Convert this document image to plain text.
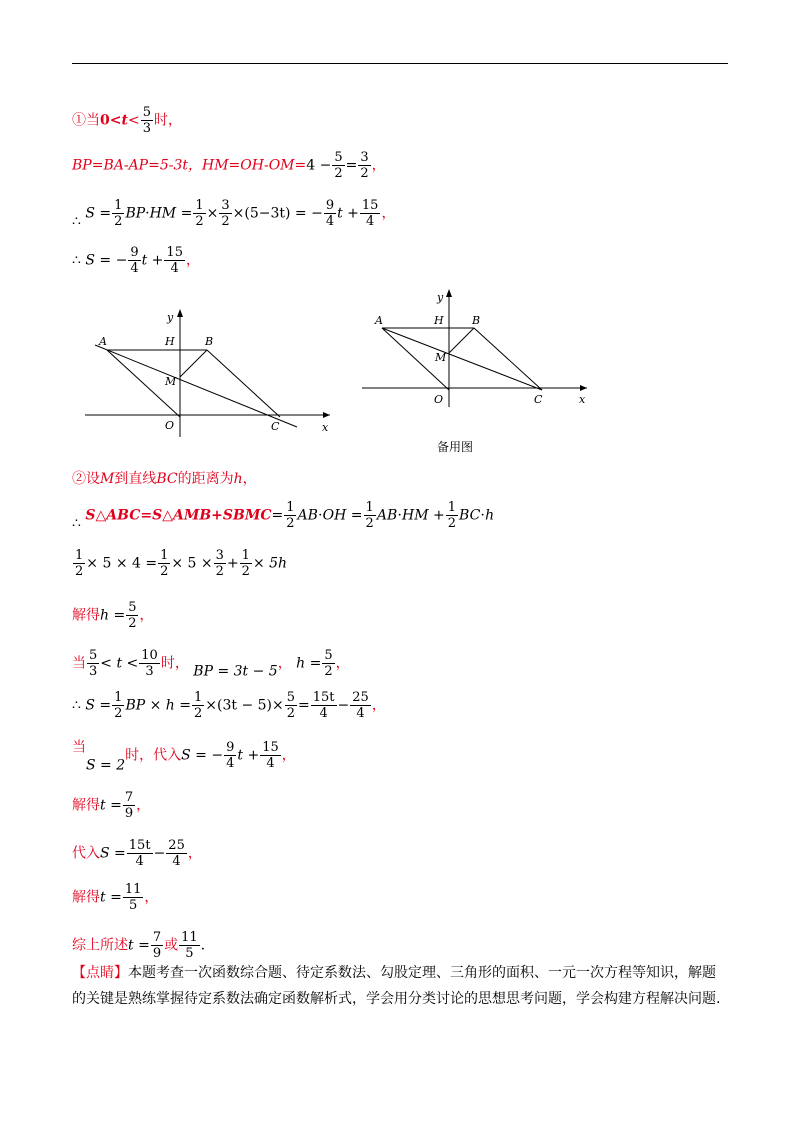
①当$0<t< \frac{5}{3}$ 时，
BP=BA-AP=5-3t，$HM=OH-OM=4 - \frac{5}{2} = \frac{3}{2}$ ，
∴ $S = \frac{1}{2} BP\cdot HM = \frac{1}{2} \times \frac{3}{2} \times(5-3t)$ = − $\frac{9}{4}$ $t + \frac{15}{4}$ ，
∴ S = − $\frac{9}{4}$ $t + \frac{15}{4}$ ，
A	H	B
M
O	C
y
x
A	H	B
M
O	C
y
x
备用图
②设M到直线BC的距离为h，
∴ S△ABC=S△AMB+SBMC= $\frac{1}{2} AB\cdot OH = \frac{1}{2} AB\cdot HM + \frac{1}{2} BC\cdot h$
$\frac{1}{2} \times 5 \times 4 = \frac{1}{2} \times 5 \times \frac{3}{2} + \frac{1}{2} \times 5h$
解得$h = \frac{5}{2}$ ，
当 $\frac{5}{3} < t < \frac{10}{3}$ 时， BP = 3t − 5， $h = \frac{5}{2}$ ，
∴ $S = \frac{1}{2}$ BP × $h = \frac{1}{2} \times(3t - 5)\times \frac{5}{2} = \frac{15t}{4} - \frac{25}{4}$ ，
当S = 2时，代入S = − $\frac{9}{4}$ $t + \frac{15}{4}$ ，
解得$t = \frac{7}{9}$ ，
代入$S = \frac{15t}{4} - \frac{25}{4}$ ，
解得$t = \frac{11}{5}$ ，
综上所述$t = \frac{7}{9}$ 或 $\frac{11}{5}$ .
【点睛】本题考查一次函数综合题、待定系数法、勾股定理、三角形的面积、一元一次方程等知识，解题的关键是熟练掌握待定系数法确定函数解析式，学会用分类讨论的思想思考问题，学会构建方程解决问题.
